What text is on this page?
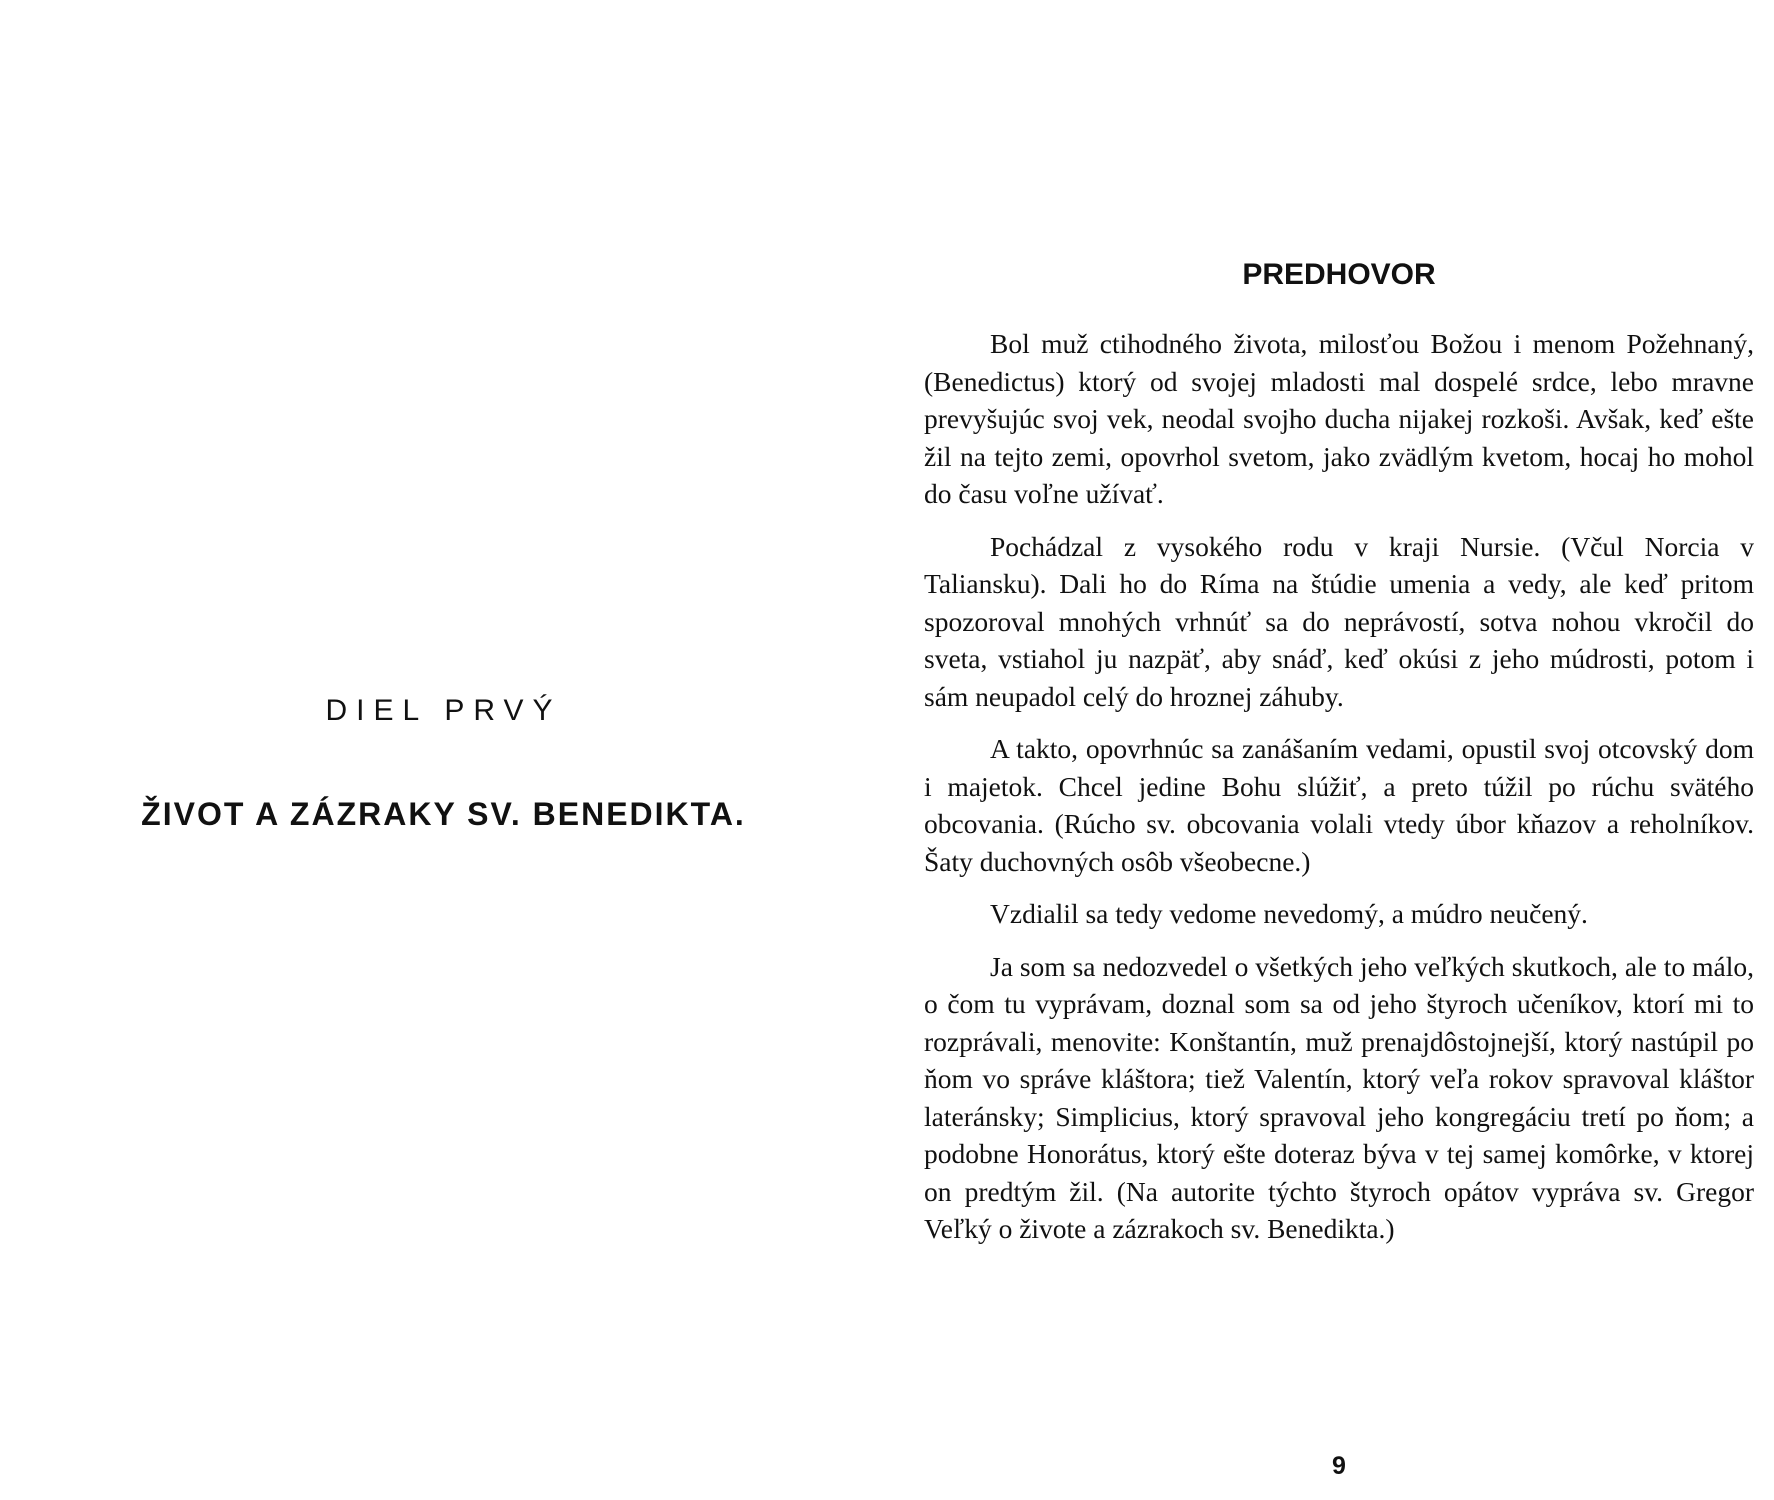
DIEL PRVÝ
ŽIVOT A ZÁZRAKY SV. BENEDIKTA.
PREDHOVOR

Bol muž ctihodného života, milosťou Božou i menom Požehnaný, (Benedictus) ktorý od svojej mladosti mal dospelé srdce, lebo mravne prevyšujúc svoj vek, neodal svojho ducha nijakej rozkoši. Avšak, keď ešte žil na tejto zemi, opovrhol svetom, jako zvädlým kvetom, hocaj ho mohol do času voľne užívať.

Pochádzal z vysokého rodu v kraji Nursie. (Včul Norcia v Taliansku). Dali ho do Ríma na štúdie umenia a vedy, ale keď pritom spozoroval mnohých vrhnúť sa do neprávostí, sotva nohou vkročil do sveta, vstiahol ju nazpäť, aby snáď, keď okúsi z jeho múdrosti, potom i sám neupadol celý do hroznej záhuby.

A takto, opovrhnúc sa zanášaním vedami, opustil svoj otcovský dom i majetok. Chcel jedine Bohu slúžiť, a preto túžil po rúchu svätého obcovania. (Rúcho sv. obcovania volali vtedy úbor kňazov a reholníkov. Šaty duchovných osôb všeobecne.)

Vzdialil sa tedy vedome nevedomý, a múdro neučený.

Ja som sa nedozvedel o všetkých jeho veľkých skutkoch, ale to málo, o čom tu vyprávam, doznal som sa od jeho štyroch učeníkov, ktorí mi to rozprávali, menovite: Konštantín, muž prenajdôstojnejší, ktorý nastúpil po ňom vo správe kláštora; tiež Valentín, ktorý veľa rokov spravoval kláštor lateránsky; Simplicius, ktorý spravoval jeho kongregáciu tretí po ňom; a podobne Honorátus, ktorý ešte doteraz býva v tej samej komôrke, v ktorej on predtým žil. (Na autorite týchto štyroch opátov vypráva sv. Gregor Veľký o živote a zázrakoch sv. Benedikta.)

9
